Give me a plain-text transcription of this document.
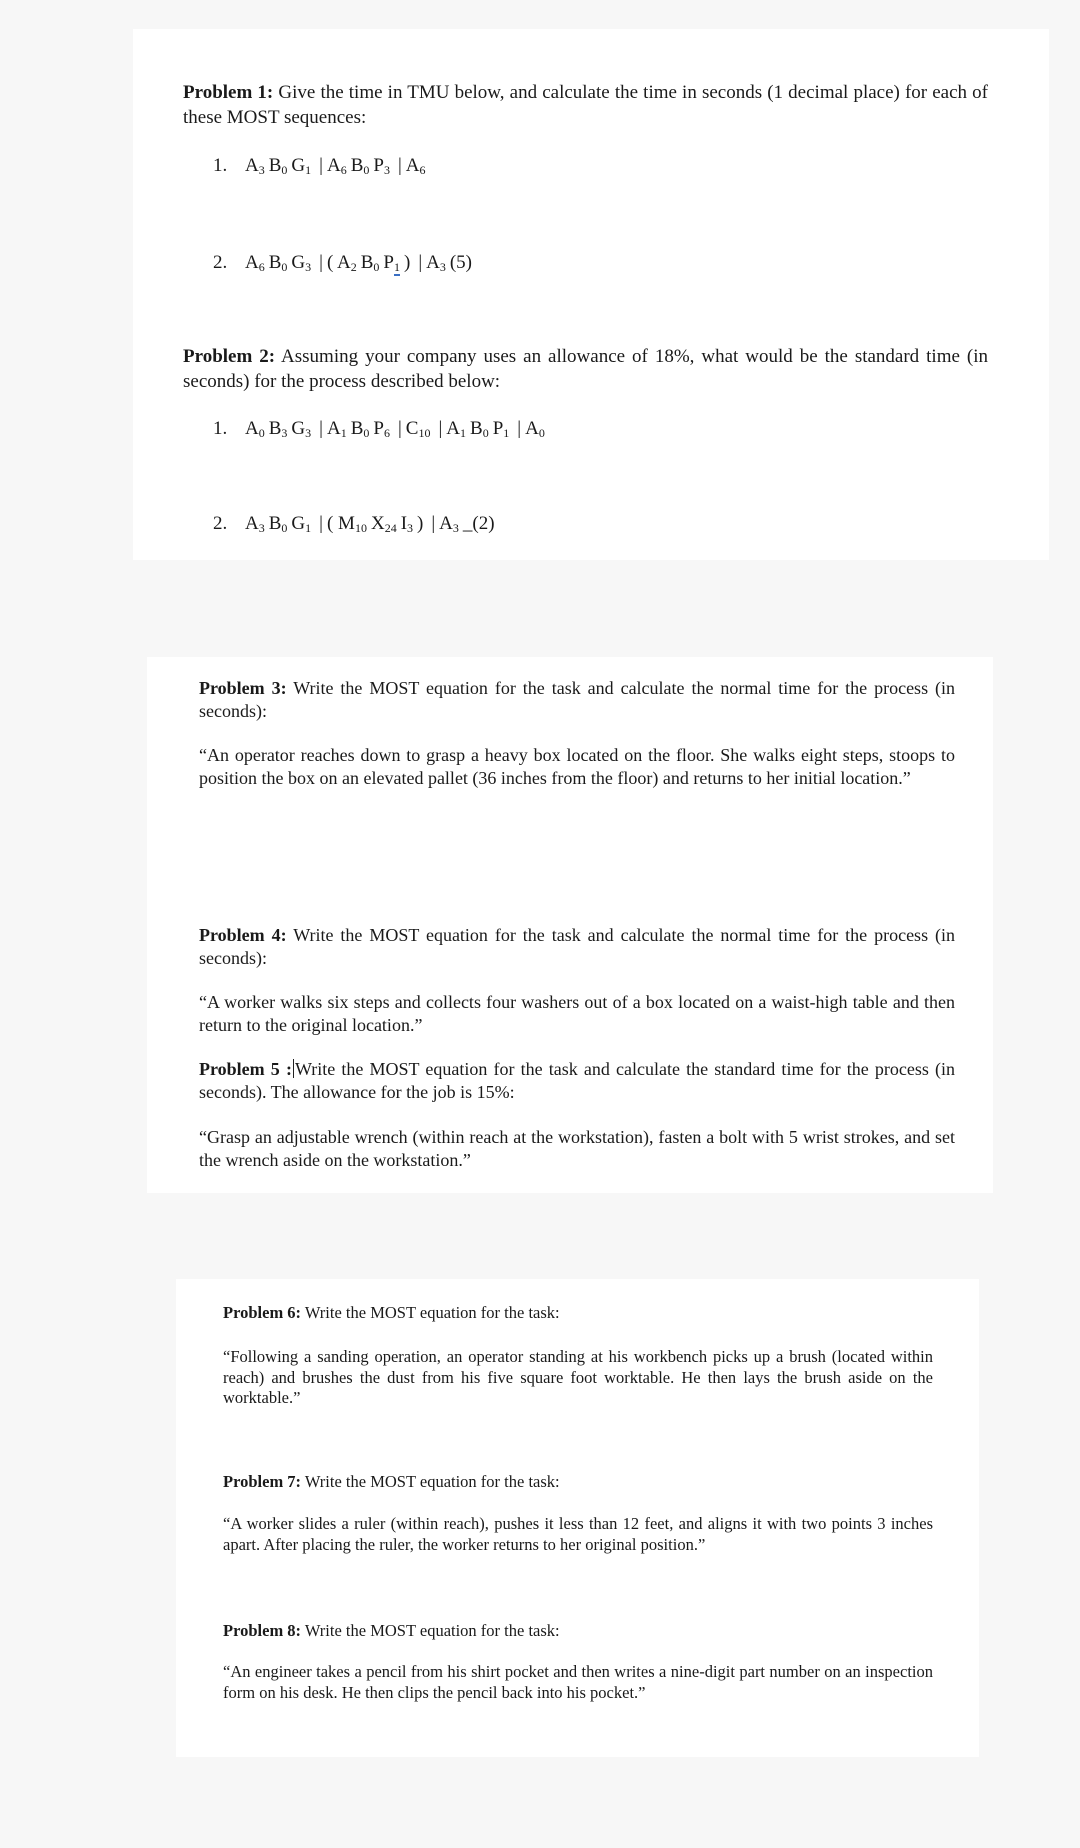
Problem 1: Give the time in TMU below, and calculate the time in seconds (1 decimal place) for each of these MOST sequences:
1. $A_3$ $B_0$ $G_1$ | $A_6$ $B_0$ $P_3$ | $A_6$
2. $A_6$ $B_0$ $G_3$ | ( $A_2$ $B_0$ $P_1$ ) | $A_3$ (5)
Problem 2: Assuming your company uses an allowance of 18%, what would be the standard time (in seconds) for the process described below:
1. $A_0$ $B_3$ $G_3$ | $A_1$ $B_0$ $P_6$ | $C_{10}$ | $A_1$ $B_0$ $P_1$ | $A_0$
2. $A_3$ $B_0$ $G_1$ | ( $M_{10}$ $X_{24}$ $I_3$ ) | $A_3$ _(2)
Problem 3: Write the MOST equation for the task and calculate the normal time for the process (in seconds):
“An operator reaches down to grasp a heavy box located on the floor. She walks eight steps, stoops to position the box on an elevated pallet (36 inches from the floor) and returns to her initial location.”
Problem 4: Write the MOST equation for the task and calculate the normal time for the process (in seconds):
“A worker walks six steps and collects four washers out of a box located on a waist-high table and then return to the original location.”
Problem 5 : Write the MOST equation for the task and calculate the standard time for the process (in seconds). The allowance for the job is 15%:
“Grasp an adjustable wrench (within reach at the workstation), fasten a bolt with 5 wrist strokes, and set the wrench aside on the workstation.”
Problem 6: Write the MOST equation for the task:
“Following a sanding operation, an operator standing at his workbench picks up a brush (located within reach) and brushes the dust from his five square foot worktable. He then lays the brush aside on the worktable.”
Problem 7: Write the MOST equation for the task:
“A worker slides a ruler (within reach), pushes it less than 12 feet, and aligns it with two points 3 inches apart. After placing the ruler, the worker returns to her original position.”
Problem 8: Write the MOST equation for the task:
“An engineer takes a pencil from his shirt pocket and then writes a nine-digit part number on an inspection form on his desk. He then clips the pencil back into his pocket.”
